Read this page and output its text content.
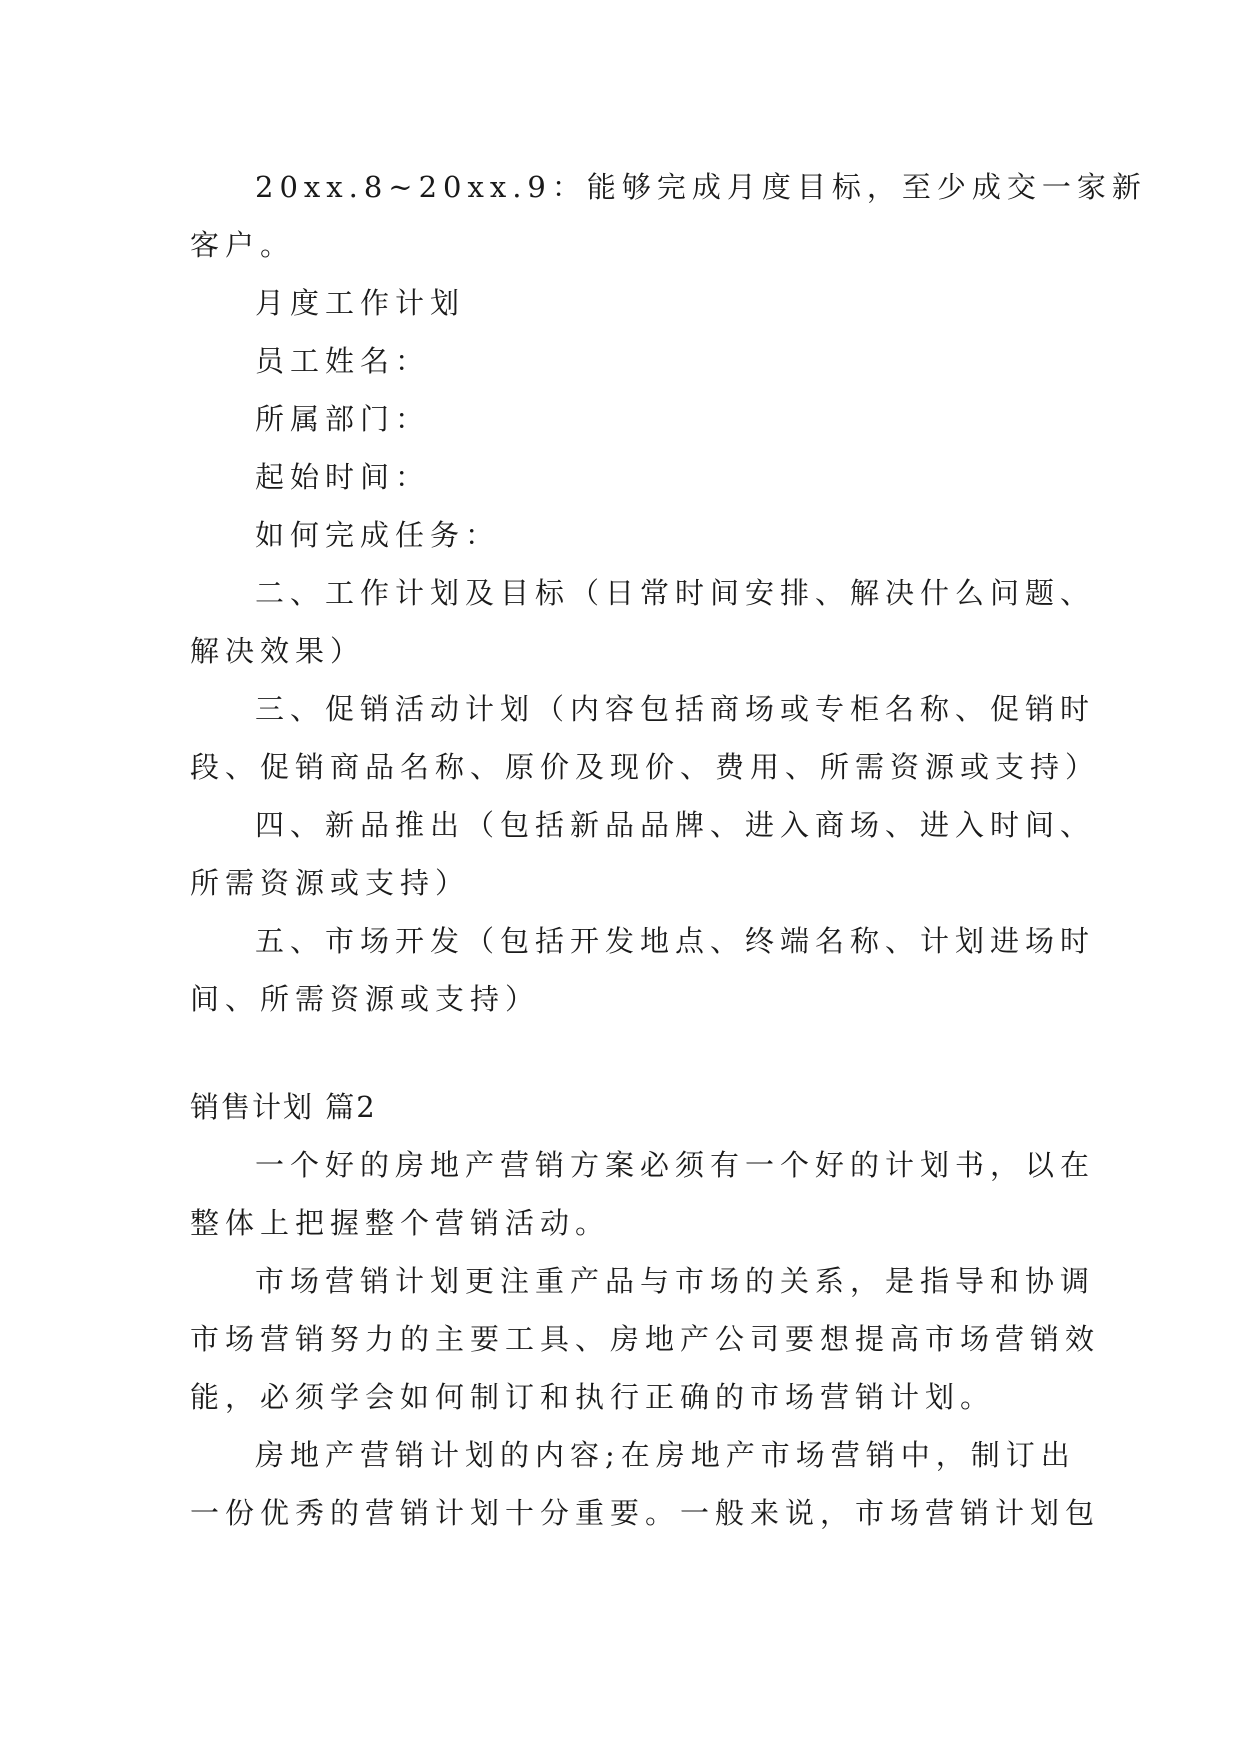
20xx.8~20xx.9：能够完成月度目标，至少成交一家新

客户。

月度工作计划

员工姓名：

所属部门：

起始时间：

如何完成任务：

二、工作计划及目标（日常时间安排、解决什么问题、

解决效果）

三、促销活动计划（内容包括商场或专柜名称、促销时

段、促销商品名称、原价及现价、费用、所需资源或支持）

四、新品推出（包括新品品牌、进入商场、进入时间、

所需资源或支持）

五、市场开发（包括开发地点、终端名称、计划进场时

间、所需资源或支持）

销售计划 篇2

一个好的房地产营销方案必须有一个好的计划书，以在

整体上把握整个营销活动。

市场营销计划更注重产品与市场的关系，是指导和协调

市场营销努力的主要工具、房地产公司要想提高市场营销效

能，必须学会如何制订和执行正确的市场营销计划。

房地产营销计划的内容;在房地产市场营销中，制订出

一份优秀的营销计划十分重要。一般来说，市场营销计划包
